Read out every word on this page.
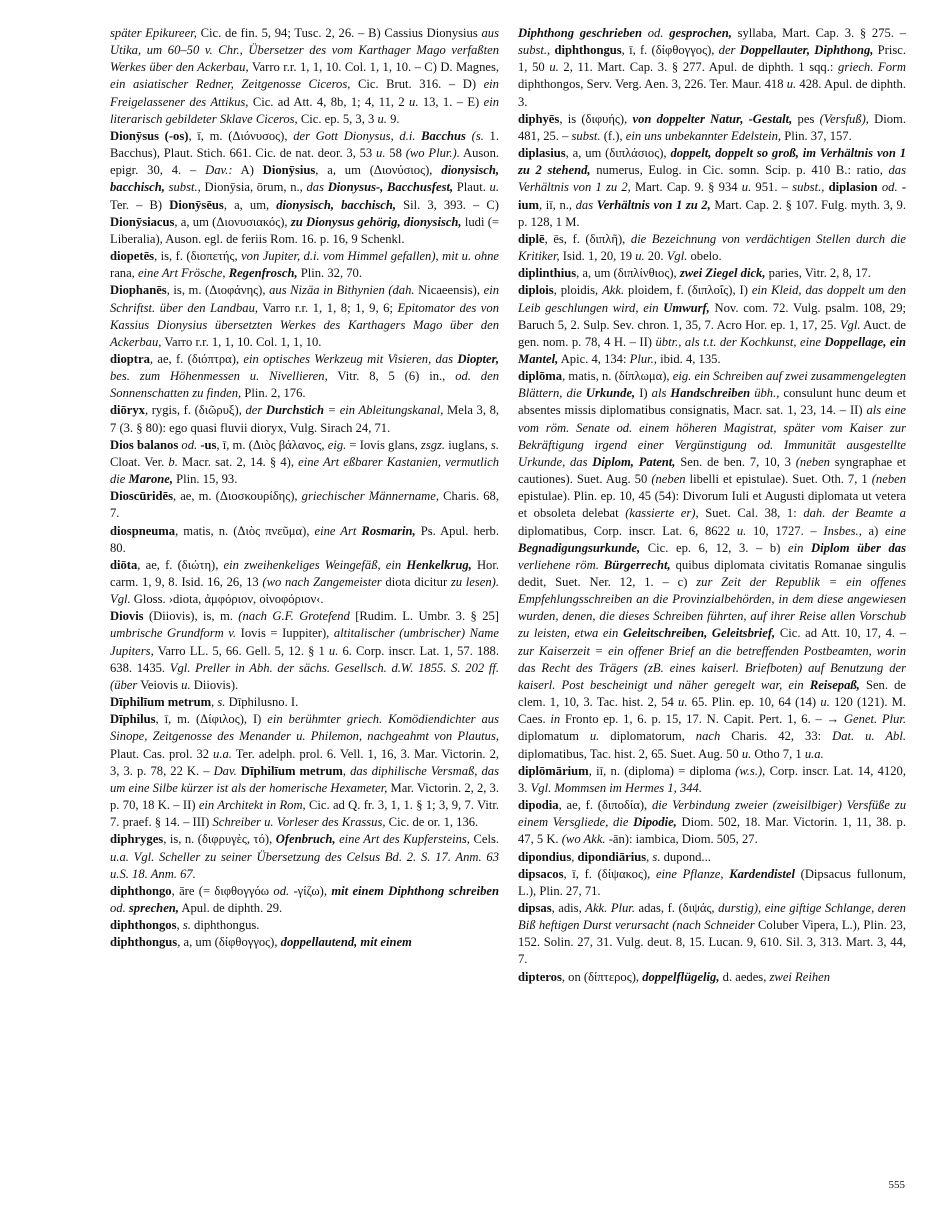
später Epikureer, Cic. de fin. 5, 94; Tusc. 2, 26. – B) Cassius Dionysius aus Utika, um 60–50 v. Chr., Übersetzer des vom Karthager Mago verfaßten Werkes über den Ackerbau, Varro r.r. 1, 1, 10. Col. 1, 1, 10. – C) D. Magnes, ein asiatischer Redner, Zeitgenosse Ciceros, Cic. Brut. 316. – D) ein Freigelassener des Attikus, Cic. ad Att. 4, 8b, 1; 4, 11, 2 u. 13, 1. – E) ein literarisch gebildeter Sklave Ciceros, Cic. ep. 5, 3, 3 u. 9.

Dionȳsus (-os), ī, m. (Διόνυσος), der Gott Dionysus, d.i. Bacchus (s. 1. Bacchus), Plaut. Stich. 661. Cic. de nat. deor. 3, 53 u. 58 (wo Plur.). Auson. epigr. 30, 4. – Dav.: A) Dionȳsius, a, um (Διονύσιος), dionysisch, bacchisch, subst., Dionȳsia, ōrum, n., das Dionysus-, Bacchusfest, Plaut. u. Ter. – B) Dionȳsēus, a, um, dionysisch, bacchisch, Sil. 3, 393. – C) Dionȳsiacus, a, um (Διονυσιακός), zu Dionysus gehörig, dionysisch, ludi (= Liberalia), Auson. egl. de feriis Rom. 16. p. 16, 9 Schenkl.

diopetēs, is, f. (διοπετής, von Jupiter, d.i. vom Himmel gefallen), mit u. ohne rana, eine Art Frösche, Regenfrosch, Plin. 32, 70.

Diophanēs, is, m. (Διοφάνης), aus Nizäa in Bithynien (dah. Nicaeensis), ein Schriftst. über den Landbau, Varro r.r. 1, 1, 8; 1, 9, 6; Epitomator des von Kassius Dionysius übersetzten Werkes des Karthagers Mago über den Ackerbau, Varro r.r. 1, 1, 10. Col. 1, 1, 10.

dioptra, ae, f. (διόπτρα), ein optisches Werkzeug mit Visieren, das Diopter, bes. zum Höhenmessen u. Nivellieren, Vitr. 8, 5 (6) in., od. den Sonnenschatten zu finden, Plin. 2, 176.

diōryx, rygis, f. (διῶρυξ), der Durchstich = ein Ableitungskanal, Mela 3, 8, 7 (3. § 80): ego quasi fluvii dioryx, Vulg. Sirach 24, 71.

Dios balanos od. -us, ī, m. (Διὸς βάλανος, eig. = Iovis glans, zsgz. iuglans, s. Cloat. Ver. b. Macr. sat. 2, 14. § 4), eine Art eßbarer Kastanien, vermutlich die Marone, Plin. 15, 93.

Dioscūridēs, ae, m. (Διοσκουρίδης), griechischer Männername, Charis. 68, 7.

diospneuma, matis, n. (Διὸς πνεῦμα), eine Art Rosmarin, Ps. Apul. herb. 80.

diōta, ae, f. (διώτη), ein zweihenkeliges Weingefäß, ein Henkelkrug, Hor. carm. 1, 9, 8. Isid. 16, 26, 13 (wo nach Zangemeister diota dicitur zu lesen). Vgl. Gloss. ›diota, ἀμφόριον, οἰνοφόριον‹.

Diovis (Diiovis), is, m. (nach G.F. Grotefend [Rudim. L. Umbr. 3. § 25] umbrische Grundform v. Iovis = Iuppiter), altitalischer (umbrischer) Name Jupiters, Varro LL. 5, 66. Gell. 5, 12. § 1 u. 6. Corp. inscr. Lat. 1, 57. 188. 638. 1435. Vgl. Preller in Abh. der sächs. Gesellsch. d.W. 1855. S. 202 ff. (über Veiovis u. Diiovis).

Dīphilīum metrum, s. Dīphilusno. I.

Dīphilus, ī, m. (Δίφιλος), I) ein berühmter griech. Komödiendichter aus Sinope, Zeitgenosse des Menander u. Philemon, nachgeahmt von Plautus, Plaut. Cas. prol. 32 u.a. Ter. adelph. prol. 6. Vell. 1, 16, 3. Mar. Victorin. 2, 3, 3. p. 78, 22 K. – Dav. Dīphilīum metrum, das diphilische Versmaß, das um eine Silbe kürzer ist als der homerische Hexameter, Mar. Victorin. 2, 2, 3. p. 70, 18 K. – II) ein Architekt in Rom, Cic. ad Q. fr. 3, 1, 1. § 1; 3, 9, 7. Vitr. 7. praef. § 14. – III) Schreiber u. Vorleser des Krassus, Cic. de or. 1, 136.

diphryges, is, n. (διφρυγὲς, τό), Ofenbruch, eine Art des Kupfersteins, Cels. u.a. Vgl. Scheller zu seiner Übersetzung des Celsus Bd. 2. S. 17. Anm. 63 u.S. 18. Anm. 67.

diphthongo, āre (= διφθογγόω od. -γίζω), mit einem Diphthong schreiben od. sprechen, Apul. de diphth. 29.

diphthongos, s. diphthongus.

diphthongus, a, um (δίφθογγος), doppellautend, mit einem

Diphthong geschrieben od. gesprochen, syllaba, Mart. Cap. 3. § 275. – subst., diphthongus, ī, f. (δίφθογγος), der Doppellauter, Diphthong, Prisc. 1, 50 u. 2, 11. Mart. Cap. 3. § 277. Apul. de diphth. 1 sqq.: griech. Form diphthongos, Serv. Verg. Aen. 3, 226. Ter. Maur. 418 u. 428. Apul. de diphth. 3.

diphyēs, is (διφυής), von doppelter Natur, -Gestalt, pes (Versfuß), Diom. 481, 25. – subst. (f.), ein uns unbekannter Edelstein, Plin. 37, 157.

diplasius, a, um (διπλάσιος), doppelt, doppelt so groß, im Verhältnis von 1 zu 2 stehend, numerus, Eulog. in Cic. somn. Scip. p. 410 B.: ratio, das Verhältnis von 1 zu 2, Mart. Cap. 9. § 934 u. 951. – subst., diplasion od. -ium, iī, n., das Verhältnis von 1 zu 2, Mart. Cap. 2. § 107. Fulg. myth. 3, 9. p. 128, 1 M.

diplē, ēs, f. (διπλῆ), die Bezeichnung von verdächtigen Stellen durch die Kritiker, Isid. 1, 20, 19 u. 20. Vgl. obelo.

diplinthius, a, um (διπλίνθιος), zwei Ziegel dick, paries, Vitr. 2, 8, 17.

diplois, ploidis, Akk. ploidem, f. (διπλοΐς), I) ein Kleid, das doppelt um den Leib geschlungen wird, ein Umwurf, Nov. com. 72. Vulg. psalm. 108, 29; Baruch 5, 2. Sulp. Sev. chron. 1, 35, 7. Acro Hor. ep. 1, 17, 25. Vgl. Auct. de gen. nom. p. 78, 4 H. – II) übtr., als t.t. der Kochkunst, eine Doppellage, ein Mantel, Apic. 4, 134: Plur., ibid. 4, 135.

diplōma, matis, n. (δίπλωμα), eig. ein Schreiben auf zwei zusammengelegten Blättern, die Urkunde, I) als Handschreiben übh., consulunt hunc deum et absentes missis diplomatibus consignatis, Macr. sat. 1, 23, 14. – II) als eine vom röm. Senate od. einem höheren Magistrat, später vom Kaiser zur Bekräftigung irgend einer Vergünstigung od. Immunität ausgestellte Urkunde, das Diplom, Patent, Sen. de ben. 7, 10, 3 (neben syngraphae et cautiones). Suet. Aug. 50 (neben libelli et epistulae). Suet. Oth. 7, 1 (neben epistulae). Plin. ep. 10, 45 (54): Divorum Iuli et Augusti diplomata ut vetera et obsoleta delebat (kassierte er), Suet. Cal. 38, 1: dah. der Beamte a diplomatibus, Corp. inscr. Lat. 6, 8622 u. 10, 1727. – Insbes., a) eine Begnadigungsurkunde, Cic. ep. 6, 12, 3. – b) ein Diplom über das verliehene röm. Bürgerrecht, quibus diplomata civitatis Romanae singulis dedit, Suet. Ner. 12, 1. – c) zur Zeit der Republik = ein offenes Empfehlungsschreiben an die Provinzialbehörden, in dem diese angewiesen wurden, denen, die dieses Schreiben führten, auf ihrer Reise allen Vorschub zu leisten, etwa ein Geleitschreiben, Geleitsbrief, Cic. ad Att. 10, 17, 4. – zur Kaiserzeit = ein offener Brief an die betreffenden Postbeamten, worin das Recht des Trägers (zB. eines kaiserl. Briefboten) auf Benutzung der kaiserl. Post bescheinigt und näher geregelt war, ein Reisepaß, Sen. de clem. 1, 10, 3. Tac. hist. 2, 54 u. 65. Plin. ep. 10, 64 (14) u. 120 (121). M. Caes. in Fronto ep. 1, 6. p. 15, 17. N. Capit. Pert. 1, 6. – → Genet. Plur. diplomatum u. diplomatorum, nach Charis. 42, 33: Dat. u. Abl. diplomatibus, Tac. hist. 2, 65. Suet. Aug. 50 u. Otho 7, 1 u.a.

diplōmārium, iī, n. (diploma) = diploma (w.s.), Corp. inscr. Lat. 14, 4120, 3. Vgl. Mommsen im Hermes 1, 344.

dipodia, ae, f. (διποδία), die Verbindung zweier (zweisilbiger) Versfüße zu einem Versgliede, die Dipodie, Diom. 502, 18. Mar. Victorin. 1, 11, 38. p. 47, 5 K. (wo Akk. -ān): iambica, Diom. 505, 27.

dipondius, dipondiārius, s. dupond...

dipsacos, ī, f. (δίψακος), eine Pflanze, Kardendistel (Dipsacus fullonum, L.), Plin. 27, 71.

dipsas, adis, Akk. Plur. adas, f. (διψάς, durstig), eine giftige Schlange, deren Biß heftigen Durst verursacht (nach Schneider Coluber Vipera, L.), Plin. 23, 152. Solin. 27, 31. Vulg. deut. 8, 15. Lucan. 9, 610. Sil. 3, 313. Mart. 3, 44, 7.

dipteros, on (δίπτερος), doppelflügelig, d. aedes, zwei Reihen

555
